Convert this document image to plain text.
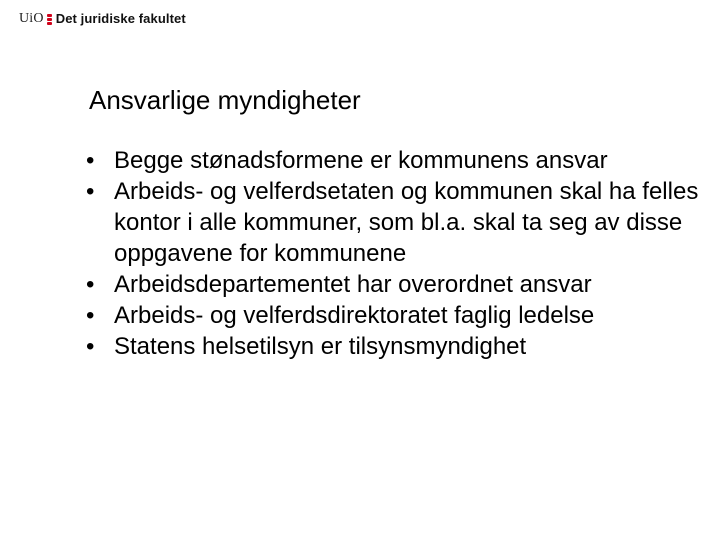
UiO Det juridiske fakultet
Ansvarlige myndigheter
• Begge stønadsformene er kommunens ansvar
• Arbeids- og velferdsetaten og kommunen skal ha felles kontor i alle kommuner, som bl.a. skal ta seg av disse oppgavene for kommunene
• Arbeidsdepartementet har overordnet ansvar
• Arbeids- og velferdsdirektoratet faglig ledelse
• Statens helsetilsyn er tilsynsmyndighet
